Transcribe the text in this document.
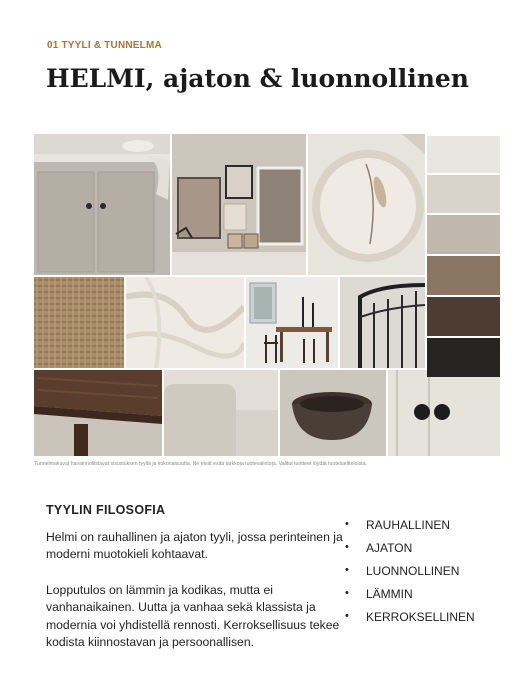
01 TYYLI & TUNNELMA
HELMI, ajaton & luonnollinen
Tunnelmakuvat havainnollistavat sisustuksen tyyliä ja kokonaisuutta. Ne eivät esitä tarkkoja tuotevalintoja. Valitut tuotteet löydät tuotelueltteloista.
TYYLIN FILOSOFIA

Helmi on rauhallinen ja ajaton tyyli, jossa perinteinen ja moderni muotokieli kohtaavat.

Lopputulos on lämmin ja kodikas, mutta ei vanhanaikainen. Uutta ja vanhaa sekä klassista ja modernia voi yhdistellä rennosti. Kerroksellisuus tekee kodista kiinnostavan ja persoonallisen.

• RAUHALLINEN
• AJATON
• LUONNOLLINEN
• LÄMMIN
• KERROKSELLINEN
